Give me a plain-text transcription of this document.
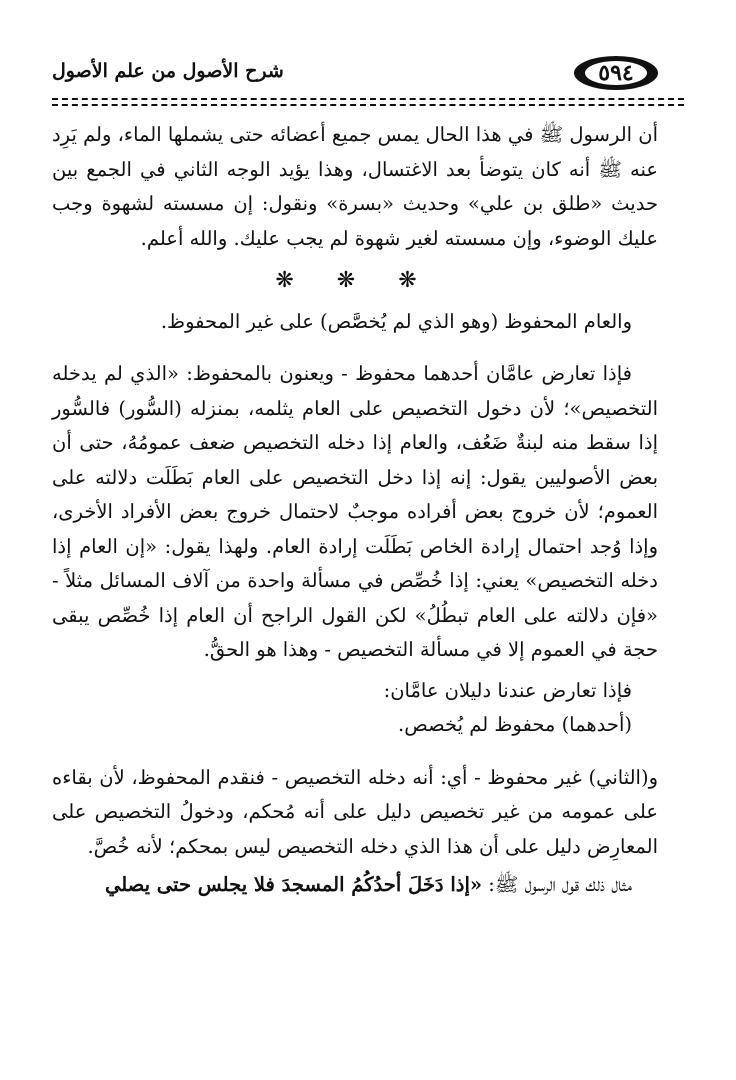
٥٩٤
شرح الأصول من علم الأصول

أن الرسول ﷺ في هذا الحال يمس جميع أعضائه حتى يشملها الماء، ولم يَرِد عنه ﷺ أنه كان يتوضأ بعد الاغتسال، وهذا يؤيد الوجه الثاني في الجمع بين حديث «طلق بن علي» وحديث «بسرة» ونقول: إن مسسته لشهوة وجب عليك الوضوء، وإن مسسته لغير شهوة لم يجب عليك. والله أعلم.

❋ ❋ ❋

والعام المحفوظ (وهو الذي لم يُخصَّص) على غير المحفوظ.

فإذا تعارض عامَّان أحدهما محفوظ - ويعنون بالمحفوظ: «الذي لم يدخله التخصيص»؛ لأن دخول التخصيص على العام يثلمه، بمنزله (السُّور) فالسُّور إذا سقط منه لبنةٌ ضَعُف، والعام إذا دخله التخصيص ضعف عمومُهُ، حتى أن بعض الأصوليين يقول: إنه إذا دخل التخصيص على العام بَطَلَت دلالته على العموم؛ لأن خروج بعض أفراده موجبٌ لاحتمال خروج بعض الأفراد الأخرى، وإذا وُجد احتمال إرادة الخاص بَطَلَت إرادة العام. ولهذا يقول: «إن العام إذا دخله التخصيص» يعني: إذا خُصِّص في مسألة واحدة من آلاف المسائل مثلاً - «فإن دلالته على العام تبطُلُ» لكن القول الراجح أن العام إذا خُصِّص يبقى حجة في العموم إلا في مسألة التخصيص - وهذا هو الحقُّ.

فإذا تعارض عندنا دليلان عامَّان:

(أحدهما) محفوظ لم يُخصص.

و(الثاني) غير محفوظ - أي: أنه دخله التخصيص - فنقدم المحفوظ، لأن بقاءه على عمومه من غير تخصيص دليل على أنه مُحكم، ودخولُ التخصيص على المعارِض دليل على أن هذا الذي دخله التخصيص ليس بمحكم؛ لأنه خُصَّ.

مثال ذلك قول الرسول ﷺ: «إذا دَخَلَ أحدُكُمُ المسجدَ فلا يجلس حتى يصلي
